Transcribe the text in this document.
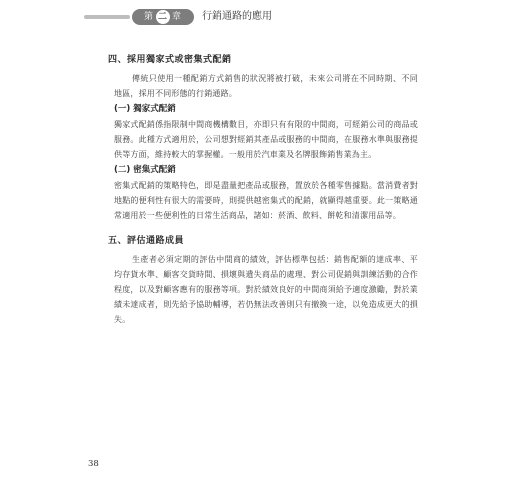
第 二 章	行銷通路的應用
四、採用獨家式或密集式配銷

傳統只使用一種配銷方式銷售的狀況將被打破，未來公司將在不同時期、不同地區，採用不同形態的行銷通路。

(一) 獨家式配銷

獨家式配銷係指限制中間商機構數目，亦即只有有限的中間商，可經銷公司的商品或服務。此種方式適用於，公司想對經銷其產品或服務的中間商，在服務水準與服務提供等方面，維持較大的掌握權。一般用於汽車業及名牌服飾銷售業為主。

(二) 密集式配銷

密集式配銷的策略特色，即是盡量把產品或服務，置放於各種零售據點。當消費者對地點的便利性有很大的需要時，則提供越密集式的配銷，就顯得越重要。此一策略通常適用於一些便利性的日常生活商品，諸如：菸酒、飲料、餅乾和清潔用品等。

五、評估通路成員

生產者必須定期的評估中間商的績效，評估標準包括：銷售配額的達成率、平均存貨水準、顧客交貨時間、損壞與遺失商品的處理、對公司促銷與訓練活動的合作程度，以及對顧客應有的服務等項。對於績效良好的中間商須給予適度激勵，對於業績未達成者，則先給予協助輔導，若仍無法改善則只有撤換一途，以免造成更大的損失。

38
